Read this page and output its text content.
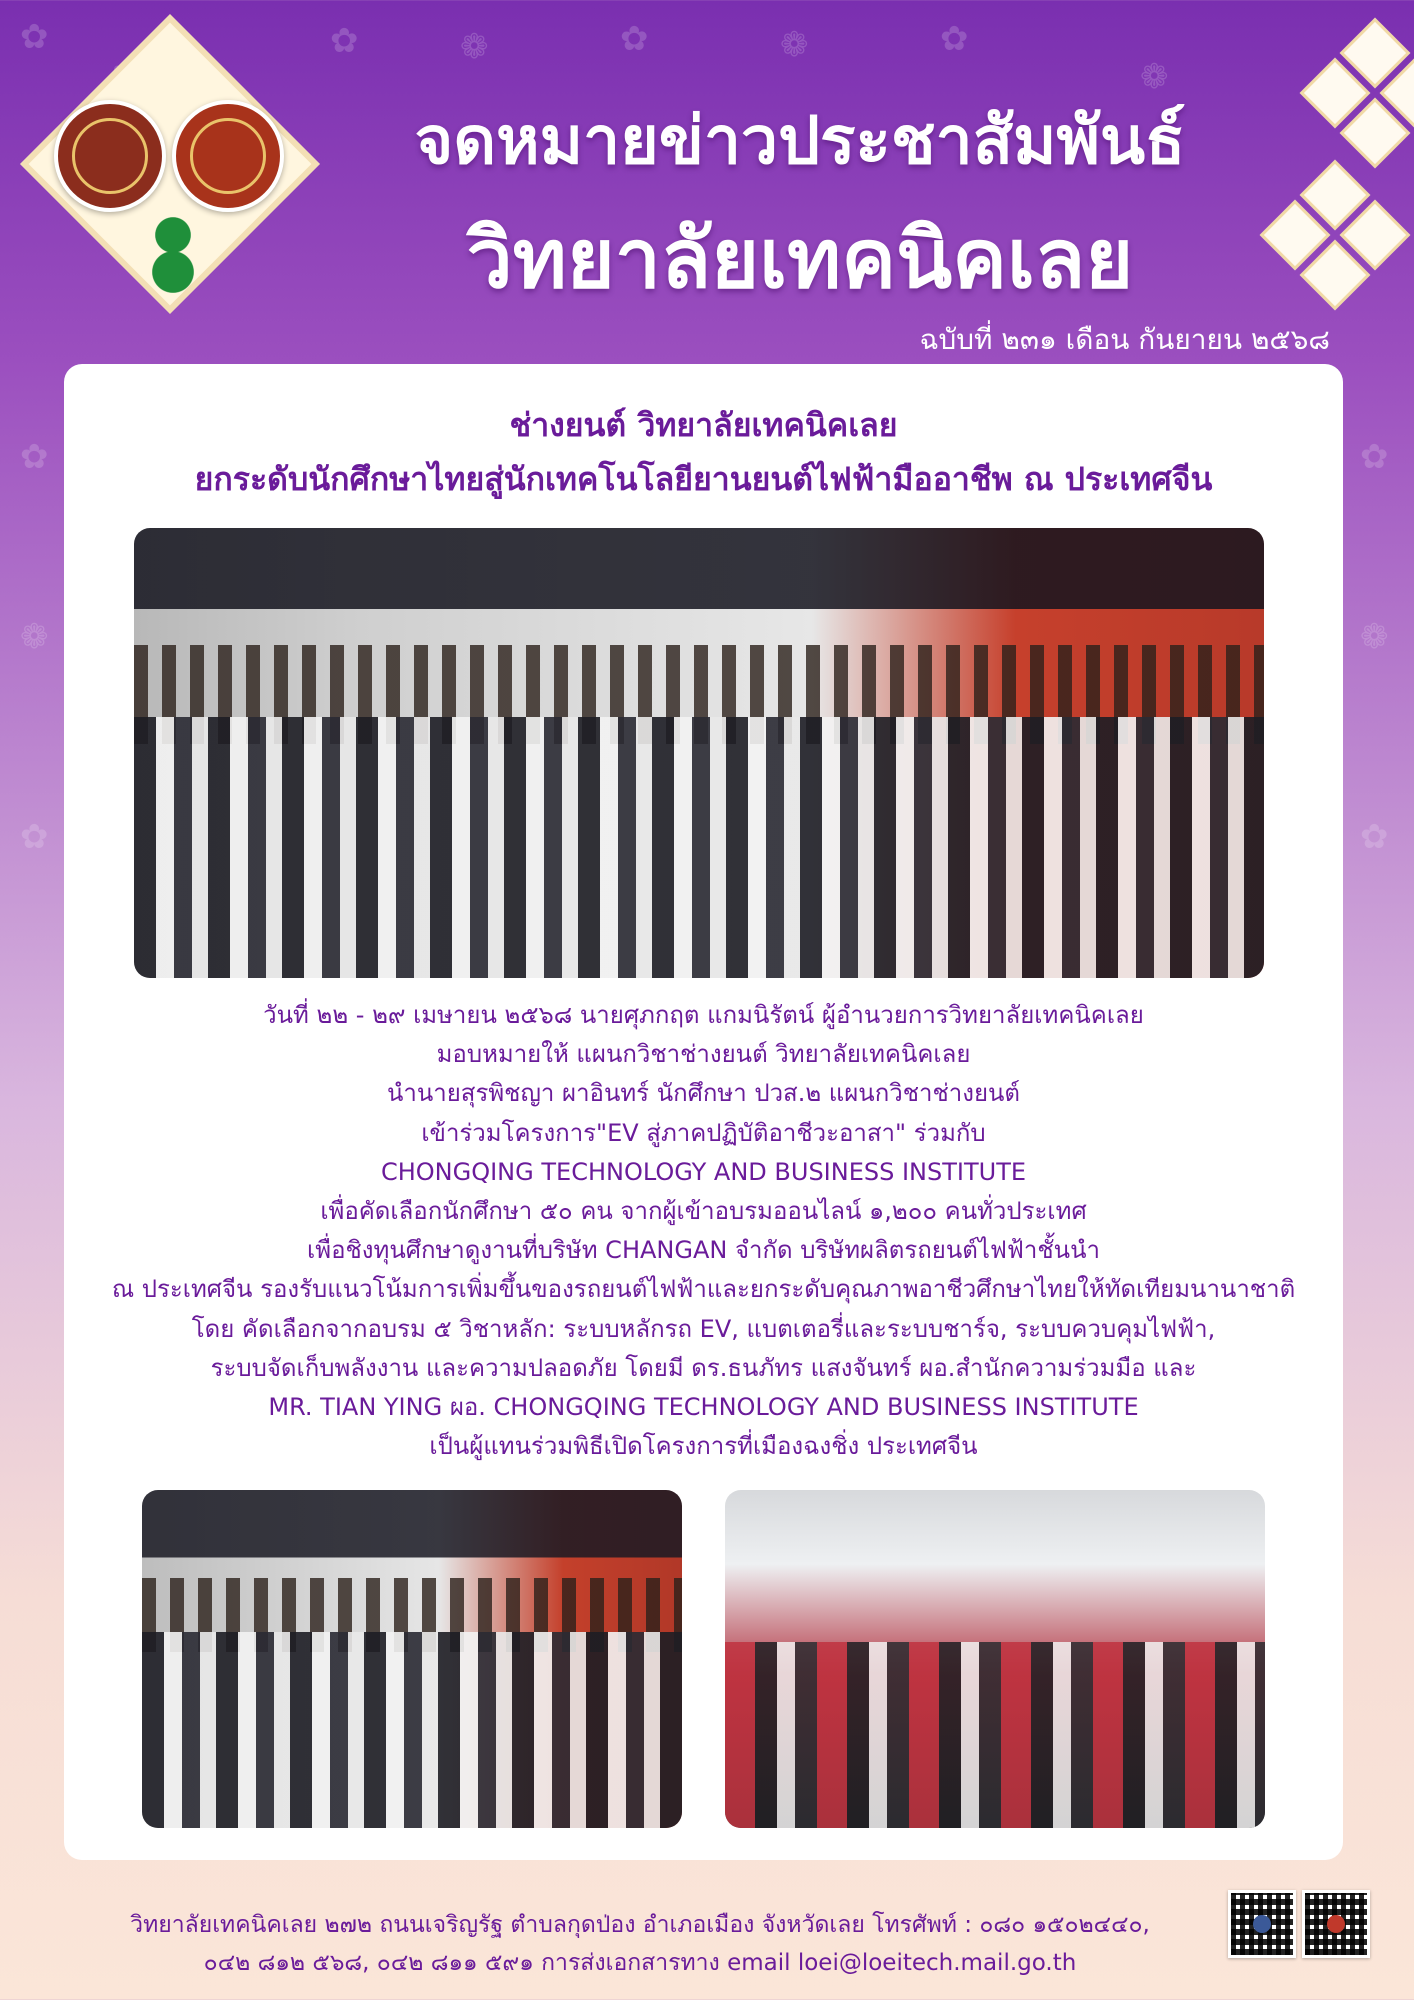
✿	✿	❁	✿	❁	✿
❁
✿
❁
✿
✿
❁
✿
จดหมายข่าวประชาสัมพันธ์
วิทยาลัยเทคนิคเลย
ฉบับที่ ๒๓๑ เดือน กันยายน ๒๕๖๘
ช่างยนต์ วิทยาลัยเทคนิคเลย
ยกระดับนักศึกษาไทยสู่นักเทคโนโลยียานยนต์ไฟฟ้ามืออาชีพ ณ ประเทศจีน
วันที่ ๒๒ - ๒๙ เมษายน ๒๕๖๘ นายศุภกฤต แกมนิรัตน์ ผู้อำนวยการวิทยาลัยเทคนิคเลย
มอบหมายให้ แผนกวิชาช่างยนต์ วิทยาลัยเทคนิคเลย
นำนายสุรพิชญา ผาอินทร์ นักศึกษา ปวส.๒ แผนกวิชาช่างยนต์
เข้าร่วมโครงการ"EV สู่ภาคปฏิบัติอาชีวะอาสา" ร่วมกับ
CHONGQING TECHNOLOGY AND BUSINESS INSTITUTE
เพื่อคัดเลือกนักศึกษา ๕๐ คน จากผู้เข้าอบรมออนไลน์ ๑,๒๐๐ คนทั่วประเทศ
เพื่อชิงทุนศึกษาดูงานที่บริษัท CHANGAN จำกัด บริษัทผลิตรถยนต์ไฟฟ้าชั้นนำ
ณ ประเทศจีน รองรับแนวโน้มการเพิ่มขึ้นของรถยนต์ไฟฟ้าและยกระดับคุณภาพอาชีวศึกษาไทยให้ทัดเทียมนานาชาติ
โดย คัดเลือกจากอบรม ๕ วิชาหลัก: ระบบหลักรถ EV, แบตเตอรี่และระบบชาร์จ, ระบบควบคุมไฟฟ้า,
ระบบจัดเก็บพลังงาน และความปลอดภัย โดยมี ดร.ธนภัทร แสงจันทร์ ผอ.สำนักความร่วมมือ และ
MR. TIAN YING ผอ. CHONGQING TECHNOLOGY AND BUSINESS INSTITUTE
เป็นผู้แทนร่วมพิธีเปิดโครงการที่เมืองฉงชิ่ง ประเทศจีน
วิทยาลัยเทคนิคเลย ๒๗๒ ถนนเจริญรัฐ ตำบลกุดป่อง อำเภอเมือง จังหวัดเลย โทรศัพท์ : ๐๘๐ ๑๕๐๒๔๔๐,
๐๔๒ ๘๑๒ ๕๖๘, ๐๔๒ ๘๑๑ ๕๙๑ การส่งเอกสารทาง email loei@loeitech.mail.go.th
